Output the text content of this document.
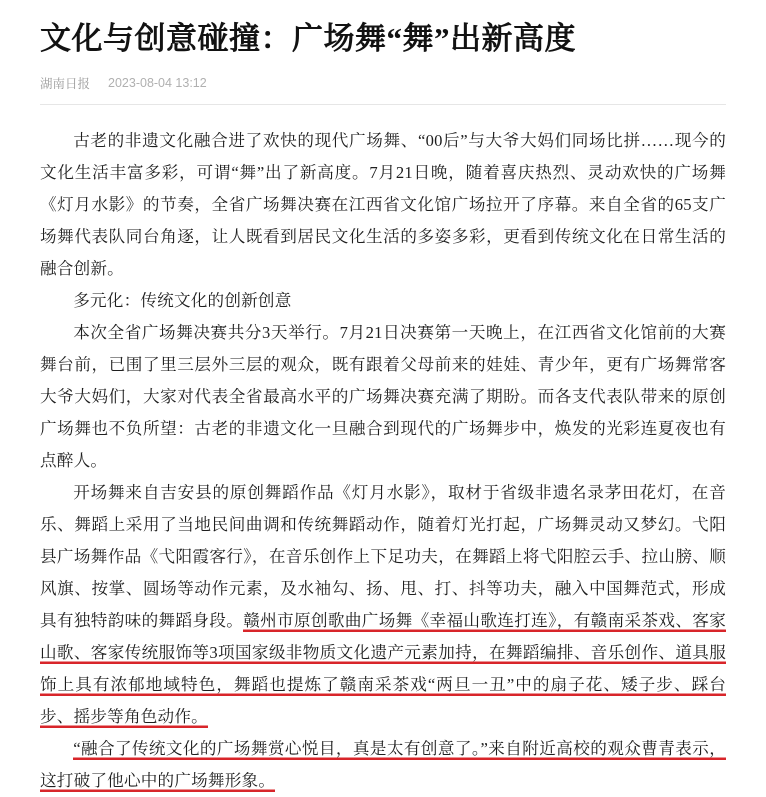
文化与创意碰撞：广场舞“舞”出新高度
湖南日报 2023-08-04 13:12

古老的非遗文化融合进了欢快的现代广场舞、“00后”与大爷大妈们同场比拼……现今的文化生活丰富多彩，可谓“舞”出了新高度。7月21日晚，随着喜庆热烈、灵动欢快的广场舞《灯月水影》的节奏，全省广场舞决赛在江西省文化馆广场拉开了序幕。来自全省的65支广场舞代表队同台角逐，让人既看到居民文化生活的多姿多彩，更看到传统文化在日常生活的融合创新。

多元化：传统文化的创新创意

本次全省广场舞决赛共分3天举行。7月21日决赛第一天晚上，在江西省文化馆前的大赛舞台前，已围了里三层外三层的观众，既有跟着父母前来的娃娃、青少年，更有广场舞常客大爷大妈们，大家对代表全省最高水平的广场舞决赛充满了期盼。而各支代表队带来的原创广场舞也不负所望：古老的非遗文化一旦融合到现代的广场舞步中，焕发的光彩连夏夜也有点醉人。

开场舞来自吉安县的原创舞蹈作品《灯月水影》，取材于省级非遗名录茅田花灯，在音乐、舞蹈上采用了当地民间曲调和传统舞蹈动作，随着灯光打起，广场舞灵动又梦幻。弋阳县广场舞作品《弋阳霞客行》，在音乐创作上下足功夫，在舞蹈上将弋阳腔云手、拉山膀、顺风旗、按掌、圆场等动作元素，及水袖勾、扬、甩、打、抖等功夫，融入中国舞范式，形成具有独特韵味的舞蹈身段。赣州市原创歌曲广场舞《幸福山歌连打连》，有赣南采茶戏、客家山歌、客家传统服饰等3项国家级非物质文化遗产元素加持，在舞蹈编排、音乐创作、道具服饰上具有浓郁地域特色，舞蹈也提炼了赣南采茶戏“两旦一丑”中的扇子花、矮子步、踩台步、摇步等角色动作。

“融合了传统文化的广场舞赏心悦目，真是太有创意了。”来自附近高校的观众曹青表示，这打破了他心中的广场舞形象。
